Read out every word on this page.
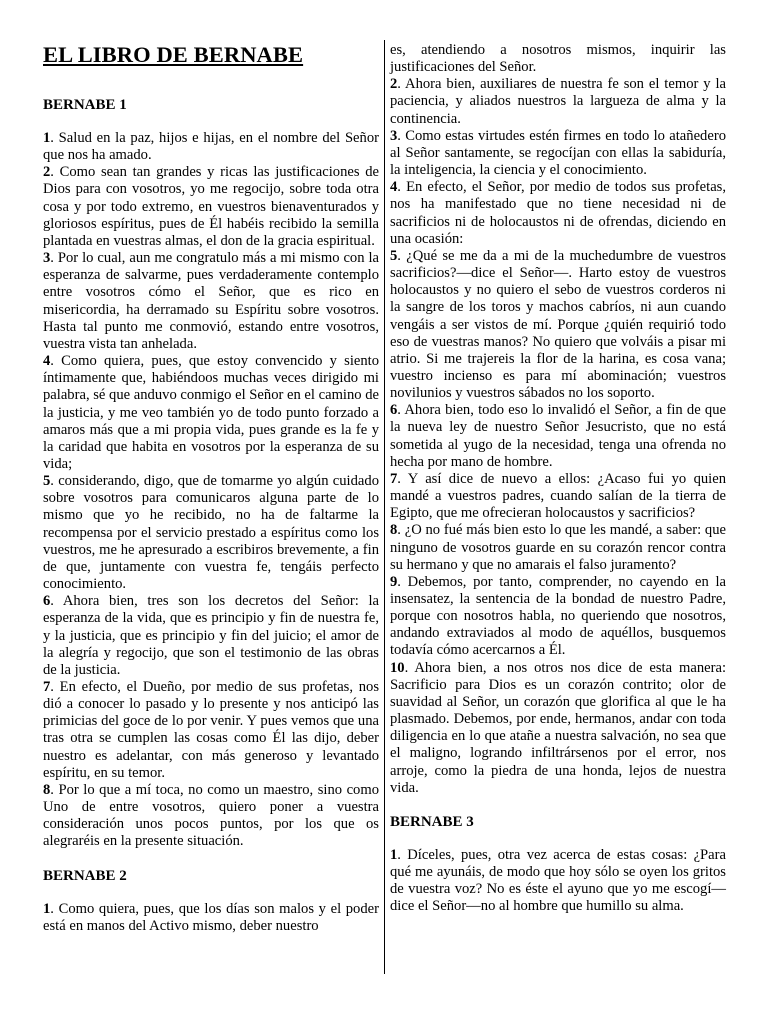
EL LIBRO DE BERNABE
BERNABE 1

1. Salud en la paz, hijos e hijas, en el nombre del Señor que nos ha amado.

2. Como sean tan grandes y ricas las justificaciones de Dios para con vosotros, yo me regocijo, sobre toda otra cosa y por todo extremo, en vuestros bienaventurados y gloriosos espíritus, pues de Él habéis recibido la semilla plantada en vuestras almas, el don de la gracia espiritual.

3. Por lo cual, aun me congratulo más a mi mismo con la esperanza de salvarme, pues verdaderamente contemplo entre vosotros cómo el Señor, que es rico en misericordia, ha derramado su Espíritu sobre vosotros. Hasta tal punto me conmovió, estando entre vosotros, vuestra vista tan anhelada.

4. Como quiera, pues, que estoy convencido y siento íntimamente que, habiéndoos muchas veces dirigido mi palabra, sé que anduvo conmigo el Señor en el camino de la justicia, y me veo también yo de todo punto forzado a amaros más que a mi propia vida, pues grande es la fe y la caridad que habita en vosotros por la esperanza de su vida;

5. considerando, digo, que de tomarme yo algún cuidado sobre vosotros para comunicaros alguna parte de lo mismo que yo he recibido, no ha de faltarme la recompensa por el servicio prestado a espíritus como los vuestros, me he apresurado a escribiros brevemente, a fin de que, juntamente con vuestra fe, tengáis perfecto conocimiento.

6. Ahora bien, tres son los decretos del Señor: la esperanza de la vida, que es principio y fin de nuestra fe, y la justicia, que es principio y fin del juicio; el amor de la alegría y regocijo, que son el testimonio de las obras de la justicia.

7. En efecto, el Dueño, por medio de sus profetas, nos dió a conocer lo pasado y lo presente y nos anticipó las primicias del goce de lo por venir. Y pues vemos que una tras otra se cumplen las cosas como Él las dijo, deber nuestro es adelantar, con más generoso y levantado espíritu, en su temor.

8. Por lo que a mí toca, no como un maestro, sino como Uno de entre vosotros, quiero poner a vuestra consideración unos pocos puntos, por los que os alegraréis en la presente situación.

BERNABE 2

1. Como quiera, pues, que los días son malos y el poder está en manos del Activo mismo, deber nuestro

es, atendiendo a nosotros mismos, inquirir las justificaciones del Señor.

2. Ahora bien, auxiliares de nuestra fe son el temor y la paciencia, y aliados nuestros la largueza de alma y la continencia.

3. Como estas virtudes estén firmes en todo lo atañedero al Señor santamente, se regocíjan con ellas la sabiduría, la inteligencia, la ciencia y el conocimiento.

4. En efecto, el Señor, por medio de todos sus profetas, nos ha manifestado que no tiene necesidad ni de sacrificios ni de holocaustos ni de ofrendas, diciendo en una ocasión:

5. ¿Qué se me da a mi de la muchedumbre de vuestros sacrificios?—dice el Señor—. Harto estoy de vuestros holocaustos y no quiero el sebo de vuestros corderos ni la sangre de los toros y machos cabríos, ni aun cuando vengáis a ser vistos de mí. Porque ¿quién requirió todo eso de vuestras manos? No quiero que volváis a pisar mi atrio. Si me trajereis la flor de la harina, es cosa vana; vuestro incienso es para mí abominación; vuestros novilunios y vuestros sábados no los soporto.

6. Ahora bien, todo eso lo invalidó el Señor, a fin de que la nueva ley de nuestro Señor Jesucristo, que no está sometida al yugo de la necesidad, tenga una ofrenda no hecha por mano de hombre.

7. Y así dice de nuevo a ellos: ¿Acaso fui yo quien mandé a vuestros padres, cuando salían de la tierra de Egipto, que me ofrecieran holocaustos y sacrificios?

8. ¿O no fué más bien esto lo que les mandé, a saber: que ninguno de vosotros guarde en su corazón rencor contra su hermano y que no amarais el falso juramento?

9. Debemos, por tanto, comprender, no cayendo en la insensatez, la sentencia de la bondad de nuestro Padre, porque con nosotros habla, no queriendo que nosotros, andando extraviados al modo de aquéllos, busquemos todavía cómo acercarnos a Él.

10. Ahora bien, a nos otros nos dice de esta manera: Sacrificio para Dios es un corazón contrito; olor de suavidad al Señor, un corazón que glorifica al que le ha plasmado. Debemos, por ende, hermanos, andar con toda diligencia en lo que atañe a nuestra salvación, no sea que el maligno, logrando infiltrársenos por el error, nos arroje, como la piedra de una honda, lejos de nuestra vida.

BERNABE 3

1. Díceles, pues, otra vez acerca de estas cosas: ¿Para qué me ayunáis, de modo que hoy sólo se oyen los gritos de vuestra voz? No es éste el ayuno que yo me escogí—dice el Señor—no al hombre que humillo su alma.
